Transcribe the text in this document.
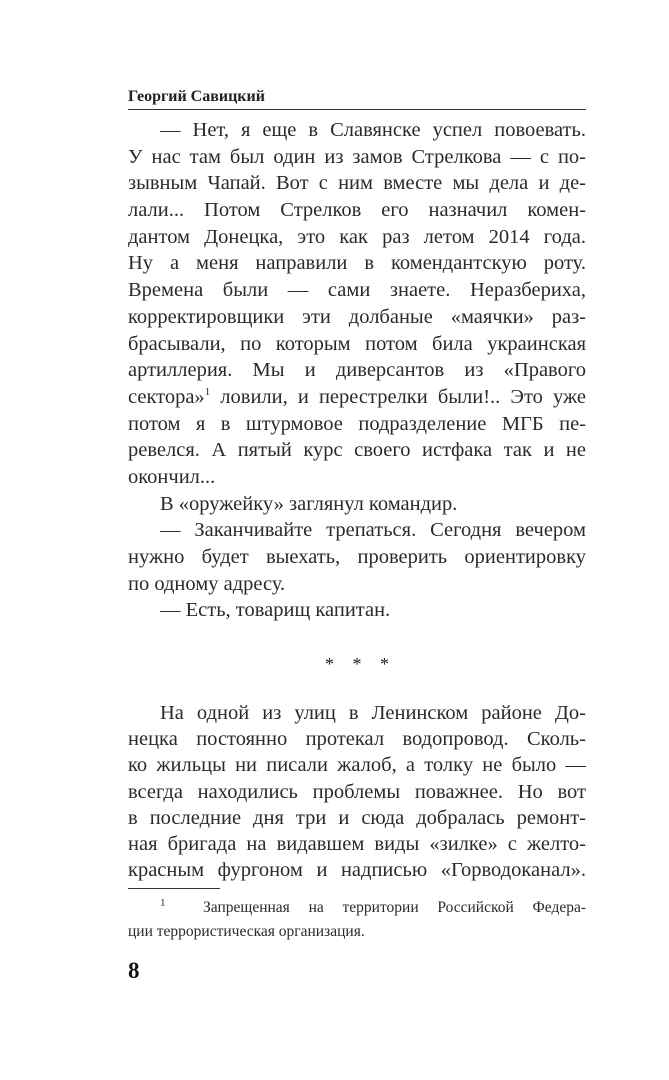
Георгий Савицкий
— Нет, я еще в Славянске успел повоевать.
У нас там был один из замов Стрелкова — с по-
зывным Чапай. Вот с ним вместе мы дела и де-
лали... Потом Стрелков его назначил комен-
дантом Донецка, это как раз летом 2014 года.
Ну а меня направили в комендантскую роту.
Времена были — сами знаете. Неразбериха,
корректировщики эти долбаные «маячки» раз-
брасывали, по которым потом била украинская
артиллерия. Мы и диверсантов из «Правого
сектора»$^1$ ловили, и перестрелки были!.. Это уже
потом я в штурмовое подразделение МГБ пе-
ревелся. А пятый курс своего истфака так и не
окончил...
В «оружейку» заглянул командир.
— Заканчивайте трепаться. Сегодня вечером
нужно будет выехать, проверить ориентировку
по одному адресу.
— Есть, товарищ капитан.
* * *
На одной из улиц в Ленинском районе До-
нецка постоянно протекал водопровод. Сколь-
ко жильцы ни писали жалоб, а толку не было —
всегда находились проблемы поважнее. Но вот
в последние дня три и сюда добралась ремонт-
ная бригада на видавшем виды «зилке» с желто-
красным фургоном и надписью «Горводоканал».
$^1$ Запрещенная на территории Российской Федера-
ции террористическая организация.
8
